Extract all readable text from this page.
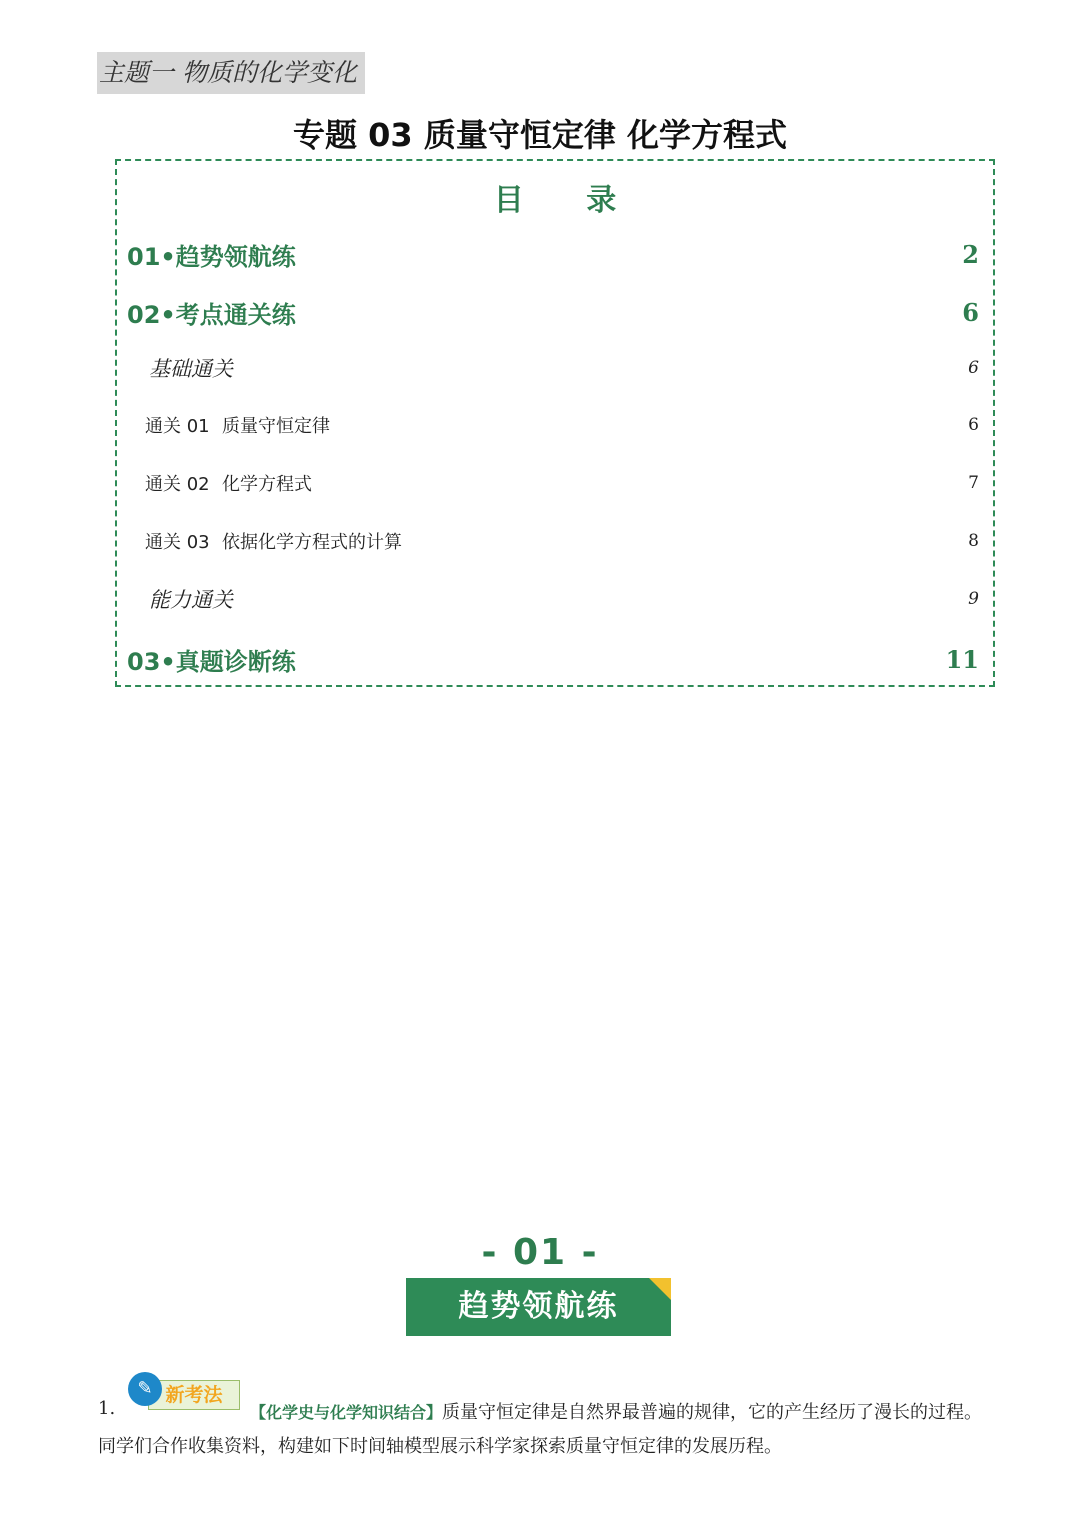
主题一 物质的化学变化
专题 03 质量守恒定律 化学方程式
目 录
01•趋势领航练	2
02•考点通关练	6
基础通关	6
通关 01 质量守恒定律	6
通关 02 化学方程式	7
通关 03 依据化学方程式的计算	8
能力通关	9
03•真题诊断练	11
- 01 -
趋势领航练
1.
新考法
✎
【化学史与化学知识结合】质量守恒定律是自然界最普遍的规律，它的产生经历了漫长的过程。同学们合作收集资料，构建如下时间轴模型展示科学家探索质量守恒定律的发展历程。
